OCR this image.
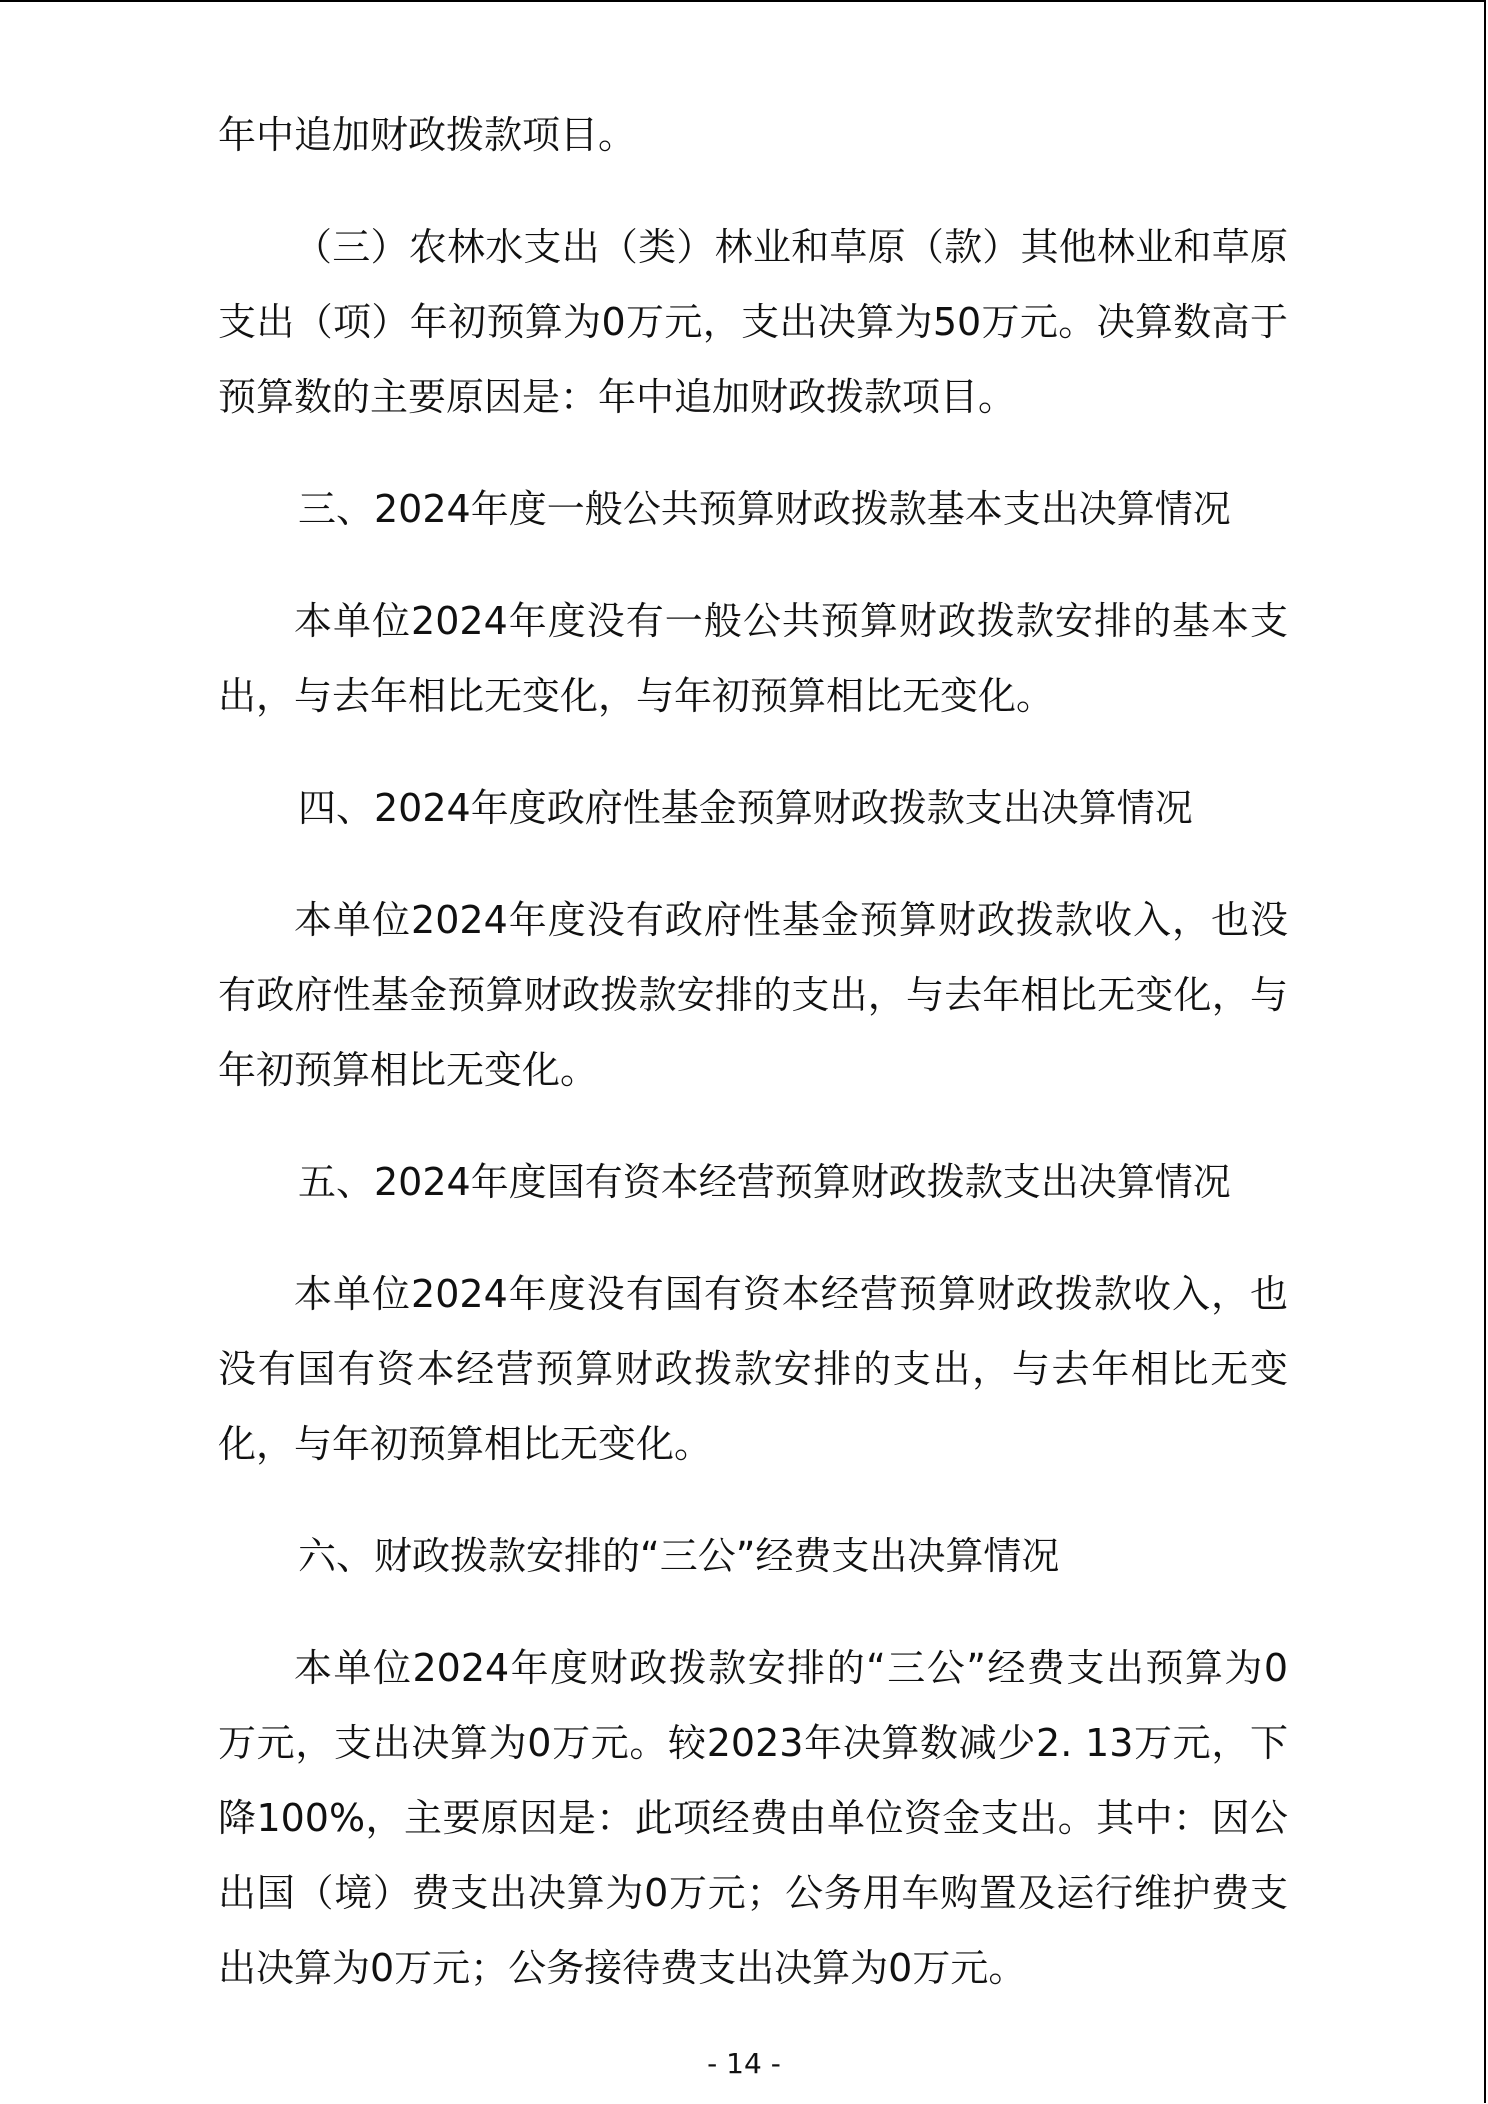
年中追加财政拨款项目。

（三）农林水支出（类）林业和草原（款）其他林业和草原支出（项）年初预算为0万元，支出决算为50万元。决算数高于预算数的主要原因是：年中追加财政拨款项目。

三、2024年度一般公共预算财政拨款基本支出决算情况

本单位2024年度没有一般公共预算财政拨款安排的基本支出，与去年相比无变化，与年初预算相比无变化。

四、2024年度政府性基金预算财政拨款支出决算情况

本单位2024年度没有政府性基金预算财政拨款收入，也没有政府性基金预算财政拨款安排的支出，与去年相比无变化，与年初预算相比无变化。

五、2024年度国有资本经营预算财政拨款支出决算情况

本单位2024年度没有国有资本经营预算财政拨款收入，也没有国有资本经营预算财政拨款安排的支出，与去年相比无变化，与年初预算相比无变化。

六、财政拨款安排的“三公”经费支出决算情况

本单位2024年度财政拨款安排的“三公”经费支出预算为0万元，支出决算为0万元。较2023年决算数减少2. 13万元，下降100%，主要原因是：此项经费由单位资金支出。其中：因公出国（境）费支出决算为0万元；公务用车购置及运行维护费支出决算为0万元；公务接待费支出决算为0万元。

- 14 -
